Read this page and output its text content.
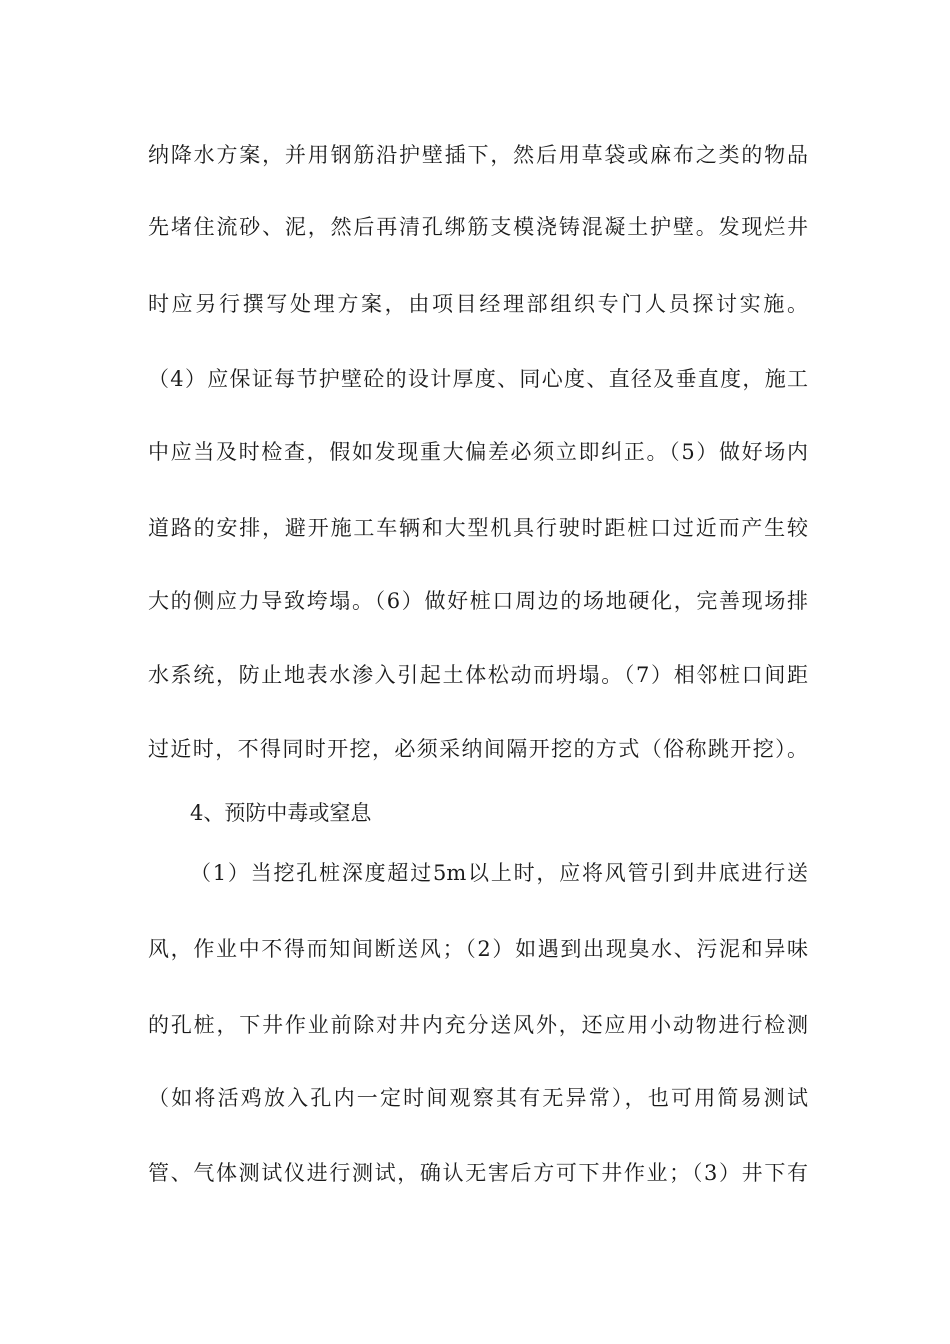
纳降水方案，并用钢筋沿护壁插下，然后用草袋或麻布之类的物品
先堵住流砂、泥，然后再清孔绑筋支模浇铸混凝土护壁。发现烂井
时应另行撰写处理方案，由项目经理部组织专门人员探讨实施。
（4）应保证每节护壁砼的设计厚度、同心度、直径及垂直度，施工
中应当及时检查，假如发现重大偏差必须立即纠正。（5）做好场内
道路的安排，避开施工车辆和大型机具行驶时距桩口过近而产生较
大的侧应力导致垮塌。（6）做好桩口周边的场地硬化，完善现场排
水系统，防止地表水渗入引起土体松动而坍塌。（7）相邻桩口间距
过近时，不得同时开挖，必须采纳间隔开挖的方式（俗称跳开挖）。
4、预防中毒或窒息
（1）当挖孔桩深度超过5m以上时，应将风管引到井底进行送
风，作业中不得而知间断送风；（2）如遇到出现臭水、污泥和异味
的孔桩，下井作业前除对井内充分送风外，还应用小动物进行检测
（如将活鸡放入孔内一定时间观察其有无异常），也可用简易测试
管、气体测试仪进行测试，确认无害后方可下井作业；（3）井下有
